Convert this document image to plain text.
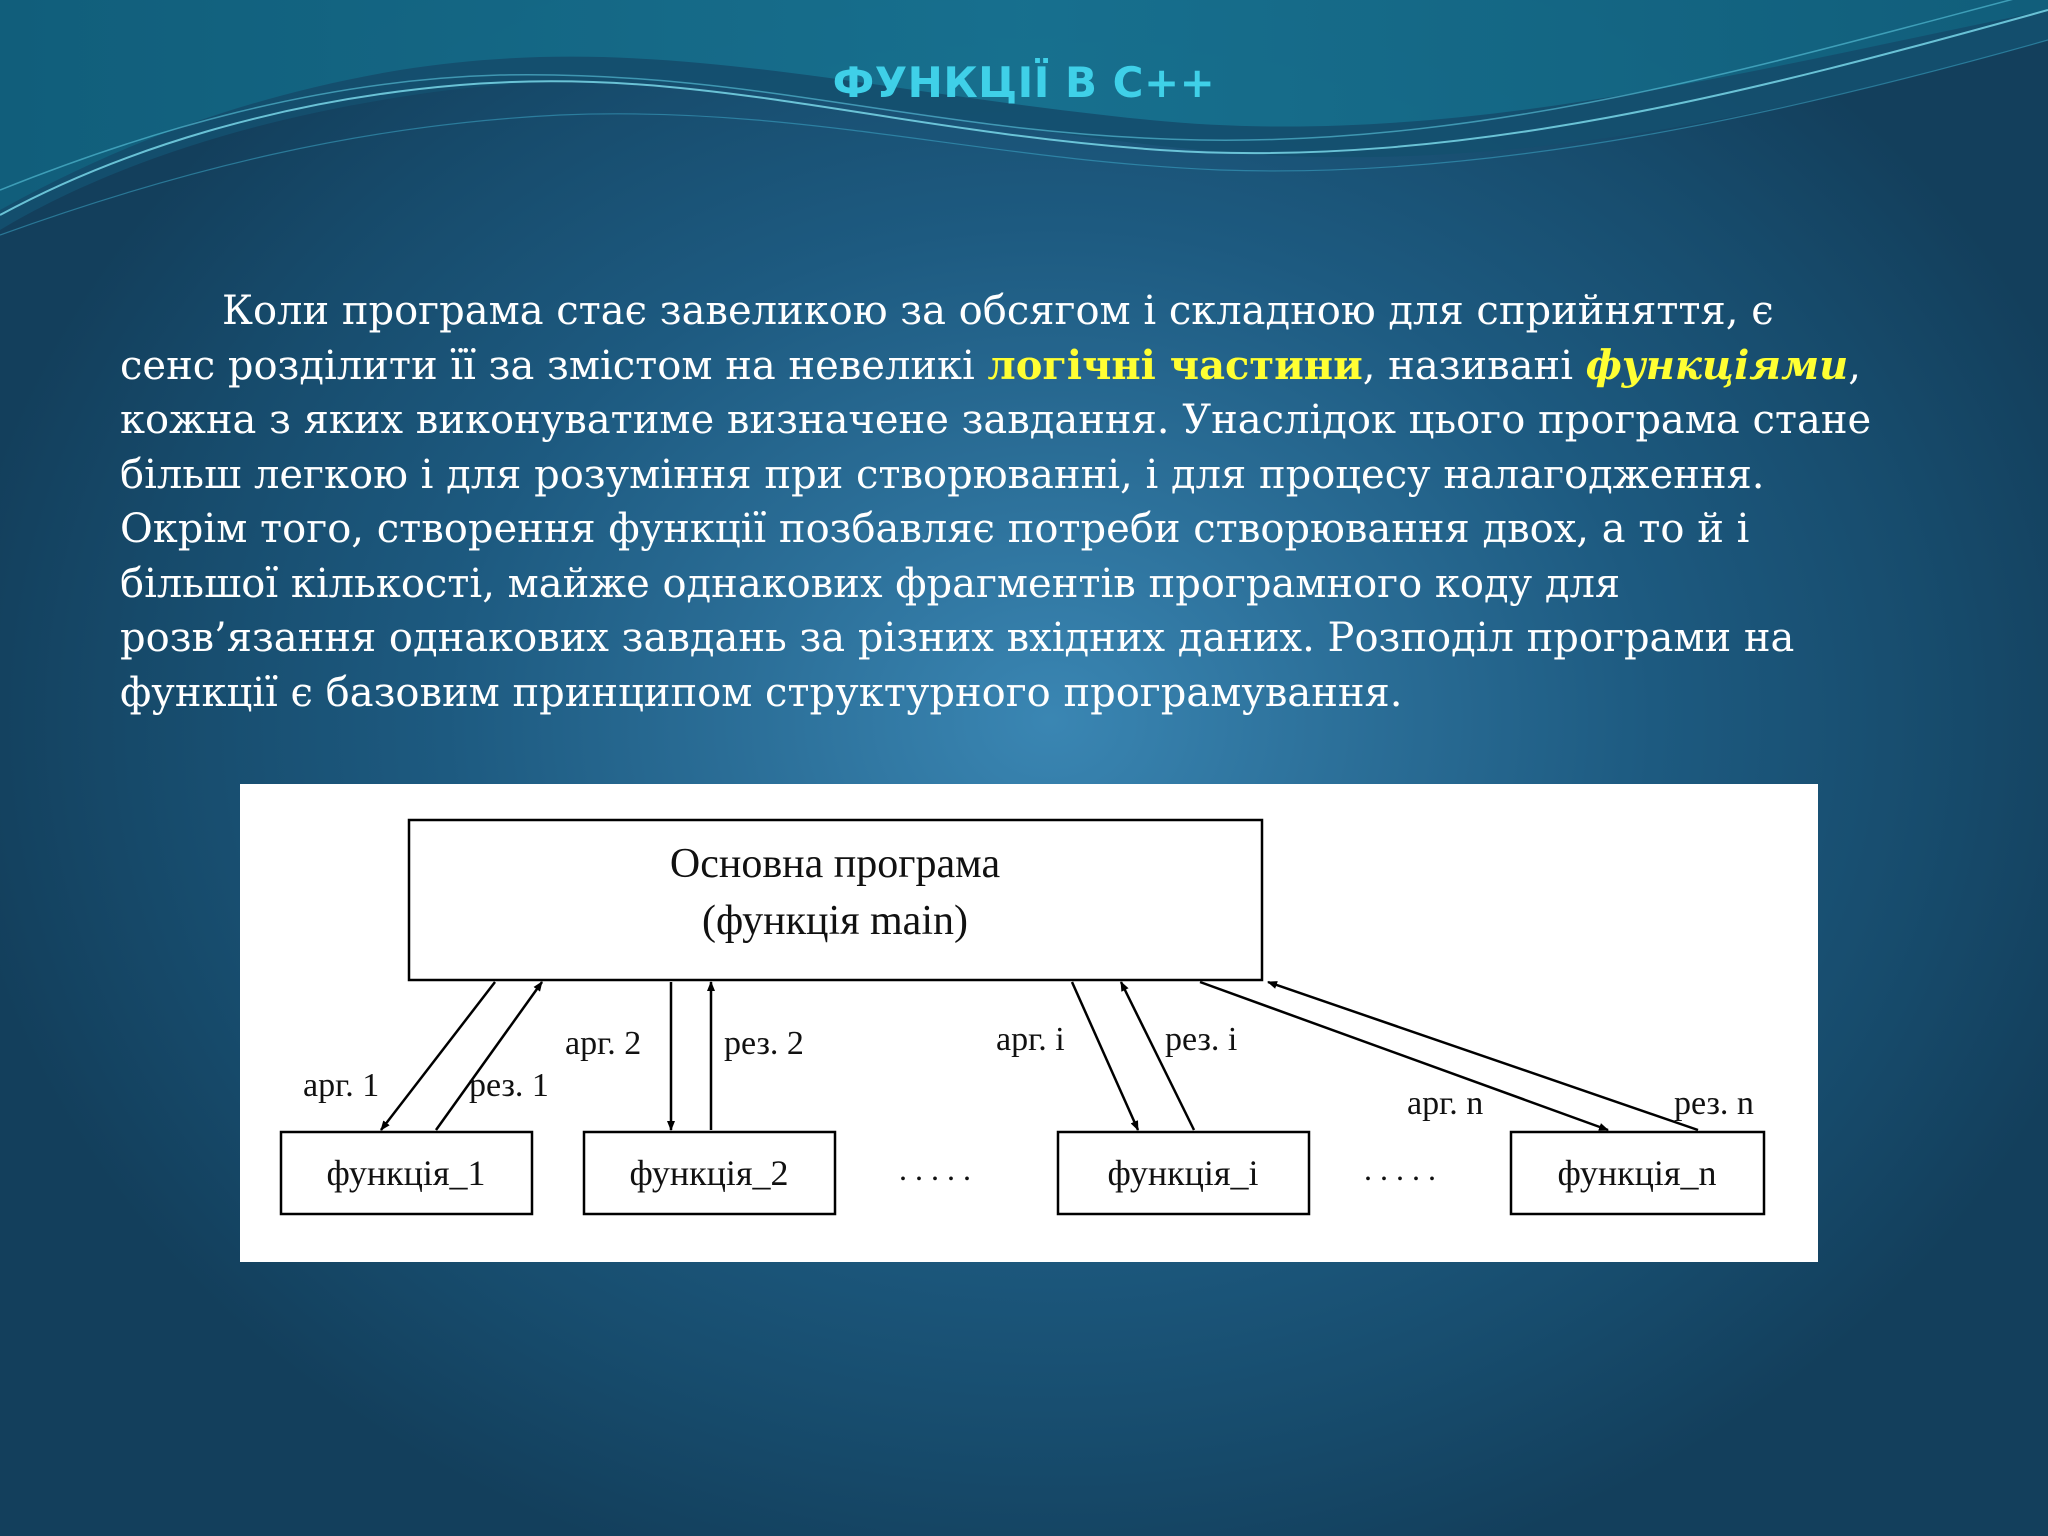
ФУНКЦІЇ В С++

Коли програма стає завеликою за обсягом і складною для сприйняття, є сенс розділити її за змістом на невеликі логічні частини, називані функціями, кожна з яких виконуватиме визначене завдання. Унаслідок цього програма стане більш легкою і для розуміння при створюванні, і для процесу налагодження. Окрім того, створення функції позбавляє потреби створювання двох, а то й і більшої кількості, майже однакових фрагментів програмного коду для розв’язання однакових завдань за різних вхідних даних. Розподіл програми на функції є базовим принципом структурного програмування.

Основна програма
(функція main)
функція_1	функція_2	функція_i	функція_n
. . . . .	. . . . .
арг. 1	рез. 1
арг. 2 рез. 2	арг. i	рез. i
арг. n	рез. n
